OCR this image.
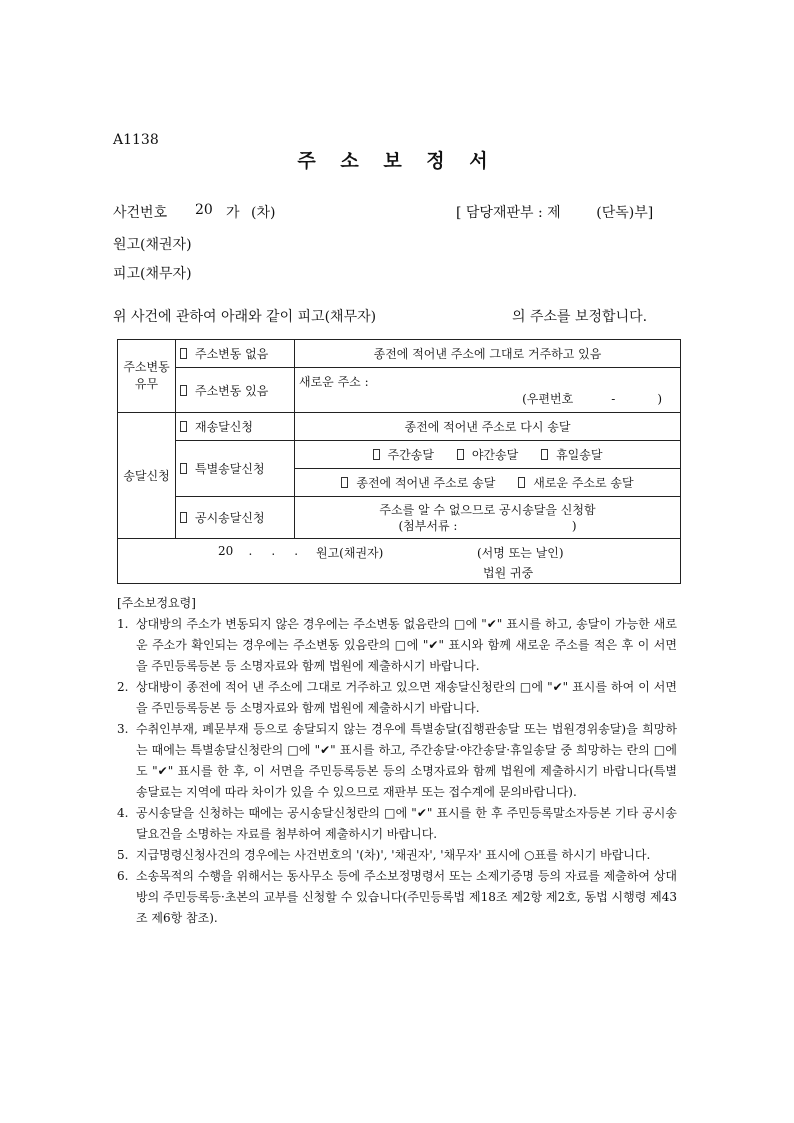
A1138
주 소 보 정 서
사건번호 20 가 (차)	[ 담당재판부 : 제        (단독)부]
원고(채권자)
피고(채무자)
위 사건에 관하여 아래와 같이 피고(채무자)	의 주소를 보정합니다.
주소변동 유무	주소변동 없음	종전에 적어낸 주소에 그대로 거주하고 있음
	주소변동 있음	새로운 주소 :
(우편번호          -           )

송달신청	재송달신청	종전에 적어낸 주소로 다시 송달
	특별송달신청	주간송달 야간송달 휴일송달
		종전에 적어낸 주소로 송달 새로운 주소로 송달
	공시송달신청	주소를 알 수 없으므로 공시송달을 신청함
(첨부서류 :                              )

20    .     .     . 원고(채권자) (서명 또는 날인)
법원 귀중		
[주소보정요령]
1. 상대방의 주소가 변동되지 않은 경우에는 주소변동 없음란의 □에 "✔" 표시를 하고, 송달이 가능한 새로운 주소가 확인되는 경우에는 주소변동 있음란의 □에 "✔" 표시와 함께 새로운 주소를 적은 후 이 서면을 주민등록등본 등 소명자료와 함께 법원에 제출하시기 바랍니다.
2. 상대방이 종전에 적어 낸 주소에 그대로 거주하고 있으면 재송달신청란의 □에 "✔" 표시를 하여 이 서면을 주민등록등본 등 소명자료와 함께 법원에 제출하시기 바랍니다.
3. 수취인부재, 폐문부재 등으로 송달되지 않는 경우에 특별송달(집행관송달 또는 법원경위송달)을 희망하는 때에는 특별송달신청란의 □에 "✔" 표시를 하고, 주간송달·야간송달·휴일송달 중 희망하는 란의 □에도 "✔" 표시를 한 후, 이 서면을 주민등록등본 등의 소명자료와 함께 법원에 제출하시기 바랍니다(특별송달료는 지역에 따라 차이가 있을 수 있으므로 재판부 또는 접수계에 문의바랍니다).
4. 공시송달을 신청하는 때에는 공시송달신청란의 □에 "✔" 표시를 한 후 주민등록말소자등본 기타 공시송달요건을 소명하는 자료를 첨부하여 제출하시기 바랍니다.
5. 지급명령신청사건의 경우에는 사건번호의 '(차)', '채권자', '채무자' 표시에 ○표를 하시기 바랍니다.
6. 소송목적의 수행을 위해서는 동사무소 등에 주소보정명령서 또는 소제기증명 등의 자료를 제출하여 상대방의 주민등록등·초본의 교부를 신청할 수 있습니다(주민등록법 제18조 제2항 제2호, 동법 시행령 제43조 제6항 참조).
